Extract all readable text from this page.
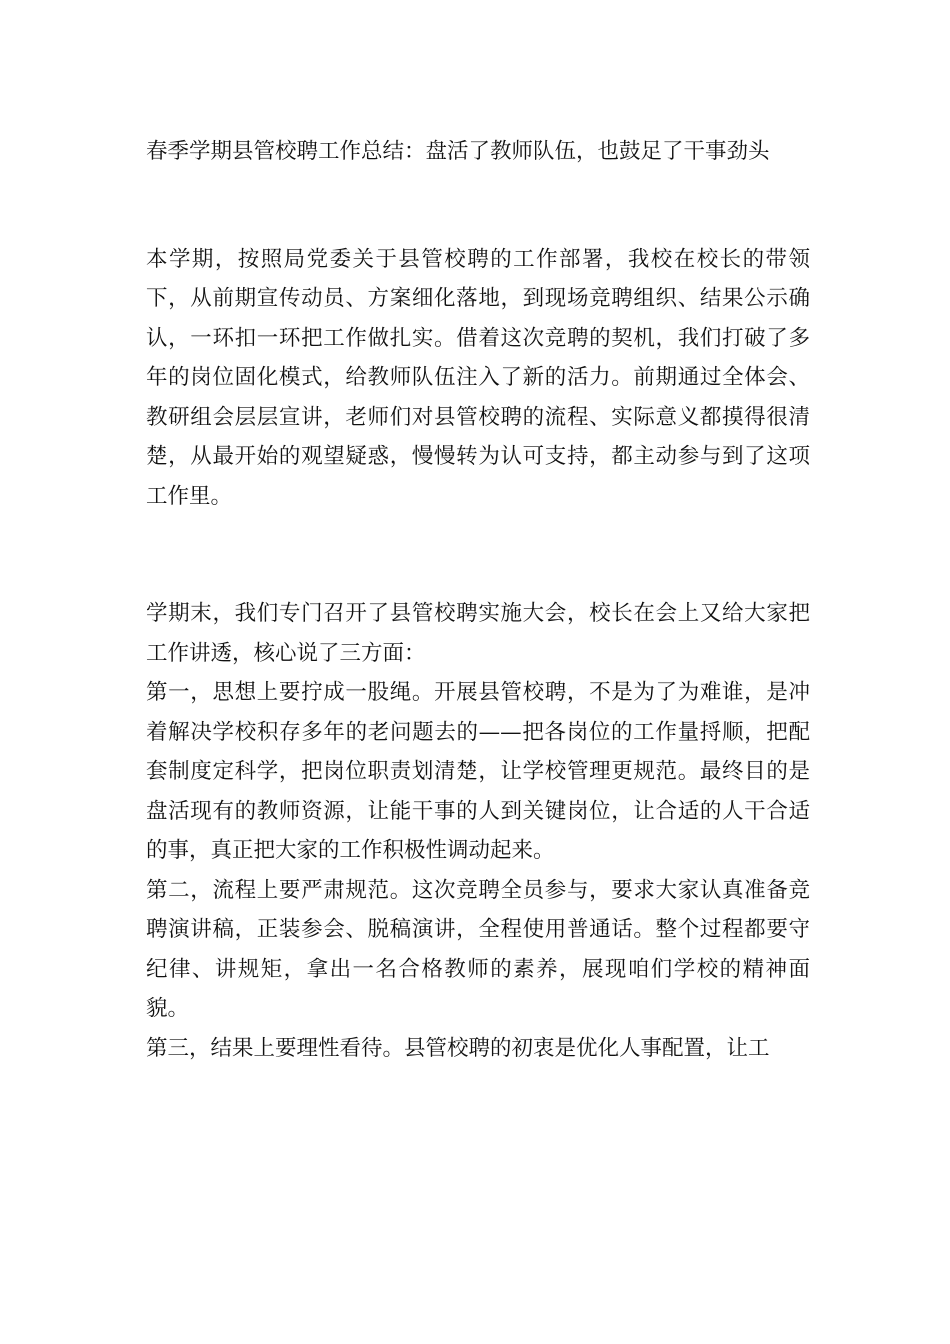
春季学期县管校聘工作总结：盘活了教师队伍，也鼓足了干事劲头

本学期，按照局党委关于县管校聘的工作部署，我校在校长的带领下，从前期宣传动员、方案细化落地，到现场竞聘组织、结果公示确认，一环扣一环把工作做扎实。借着这次竞聘的契机，我们打破了多年的岗位固化模式，给教师队伍注入了新的活力。前期通过全体会、教研组会层层宣讲，老师们对县管校聘的流程、实际意义都摸得很清楚，从最开始的观望疑惑，慢慢转为认可支持，都主动参与到了这项工作里。

学期末，我们专门召开了县管校聘实施大会，校长在会上又给大家把工作讲透，核心说了三方面：

第一，思想上要拧成一股绳。开展县管校聘，不是为了为难谁，是冲着解决学校积存多年的老问题去的——把各岗位的工作量捋顺，把配套制度定科学，把岗位职责划清楚，让学校管理更规范。最终目的是盘活现有的教师资源，让能干事的人到关键岗位，让合适的人干合适的事，真正把大家的工作积极性调动起来。

第二，流程上要严肃规范。这次竞聘全员参与，要求大家认真准备竞聘演讲稿，正装参会、脱稿演讲，全程使用普通话。整个过程都要守纪律、讲规矩，拿出一名合格教师的素养，展现咱们学校的精神面貌。

第三，结果上要理性看待。县管校聘的初衷是优化人事配置，让工
